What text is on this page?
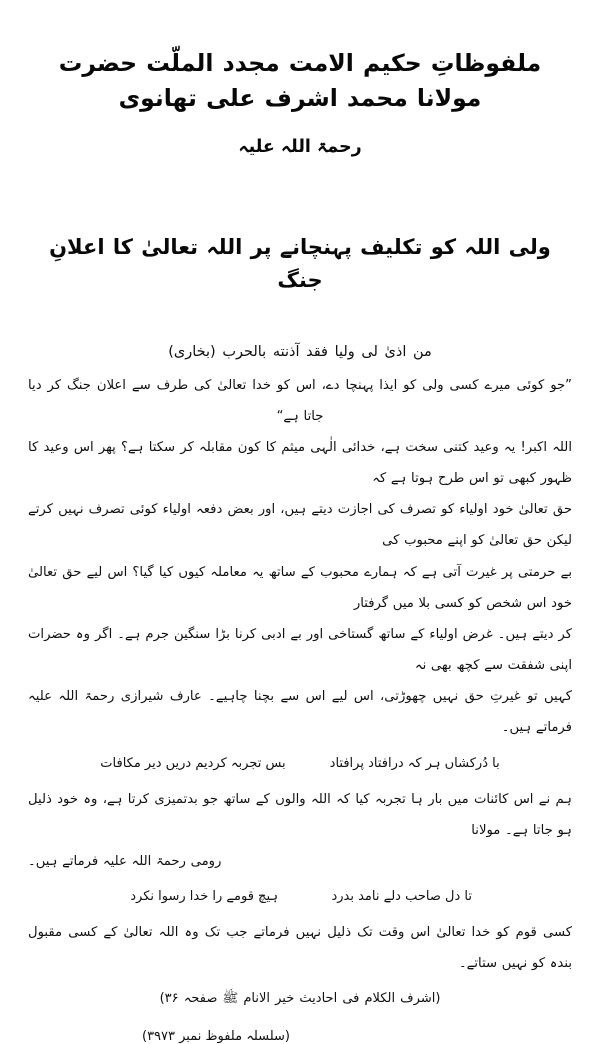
ملفوظاتِ حکیم الامت مجدد الملّت حضرت مولانا محمد اشرف علی تھانوی
رحمۃ اللہ علیہ
ولی اللہ کو تکلیف پہنچانے پر اللہ تعالیٰ کا اعلانِ جنگ
من اذیٰ لی ولیا فقد آذنته بالحرب (بخاری)

”جو کوئی میرے کسی ولی کو ایذا پہنچا دے، اس کو خدا تعالیٰ کی طرف سے اعلان جنگ کر دیا جاتا ہے“

اللہ اکبر! یہ وعید کتنی سخت ہے، خدائی الٰہی میثم کا کون مقابلہ کر سکتا ہے؟ پھر اس وعید کا ظہور کبھی تو اس طرح ہوتا ہے کہ

حق تعالیٰ خود اولیاء کو تصرف کی اجازت دیتے ہیں، اور بعض دفعہ اولیاء کوئی تصرف نہیں کرتے لیکن حق تعالیٰ کو اپنے محبوب کی

بے حرمتی پر غیرت آتی ہے کہ ہمارے محبوب کے ساتھ یہ معاملہ کیوں کیا گیا؟ اس لیے حق تعالیٰ خود اس شخص کو کسی بلا میں گرفتار

کر دیتے ہیں۔ غرض اولیاء کے ساتھ گستاخی اور بے ادبی کرنا بڑا سنگین جرم ہے۔ اگر وہ حضرات اپنی شفقت سے کچھ بھی نہ

کہیں تو غیرتِ حق نہیں چھوڑتی، اس لیے اس سے بچنا چاہیے۔ عارف شیرازی رحمۃ اللہ علیہ فرماتے ہیں۔

با دُرکشاں ہر کہ درافتاد پرافتاد
بس تجربہ کردیم دریں دیر مکافات

ہم نے اس کائنات میں بار ہا تجربہ کیا کہ اللہ والوں کے ساتھ جو بدتمیزی کرتا ہے، وہ خود ذلیل ہو جاتا ہے۔ مولانا

رومی رحمۃ اللہ علیہ فرماتے ہیں۔

تا دل صاحب دلے نامد بدرد
ہیچ قومے را خدا رسوا نکرد

کسی قوم کو خدا تعالیٰ اس وقت تک ذلیل نہیں فرماتے جب تک وہ اللہ تعالیٰ کے کسی مقبول بندہ کو نہیں ستاتے۔

(اشرف الکلام فی احادیث خیر الانام ﷺ صفحہ ۳۶)
(سلسلہ ملفوظ نمبر ۳۹۷۳)
